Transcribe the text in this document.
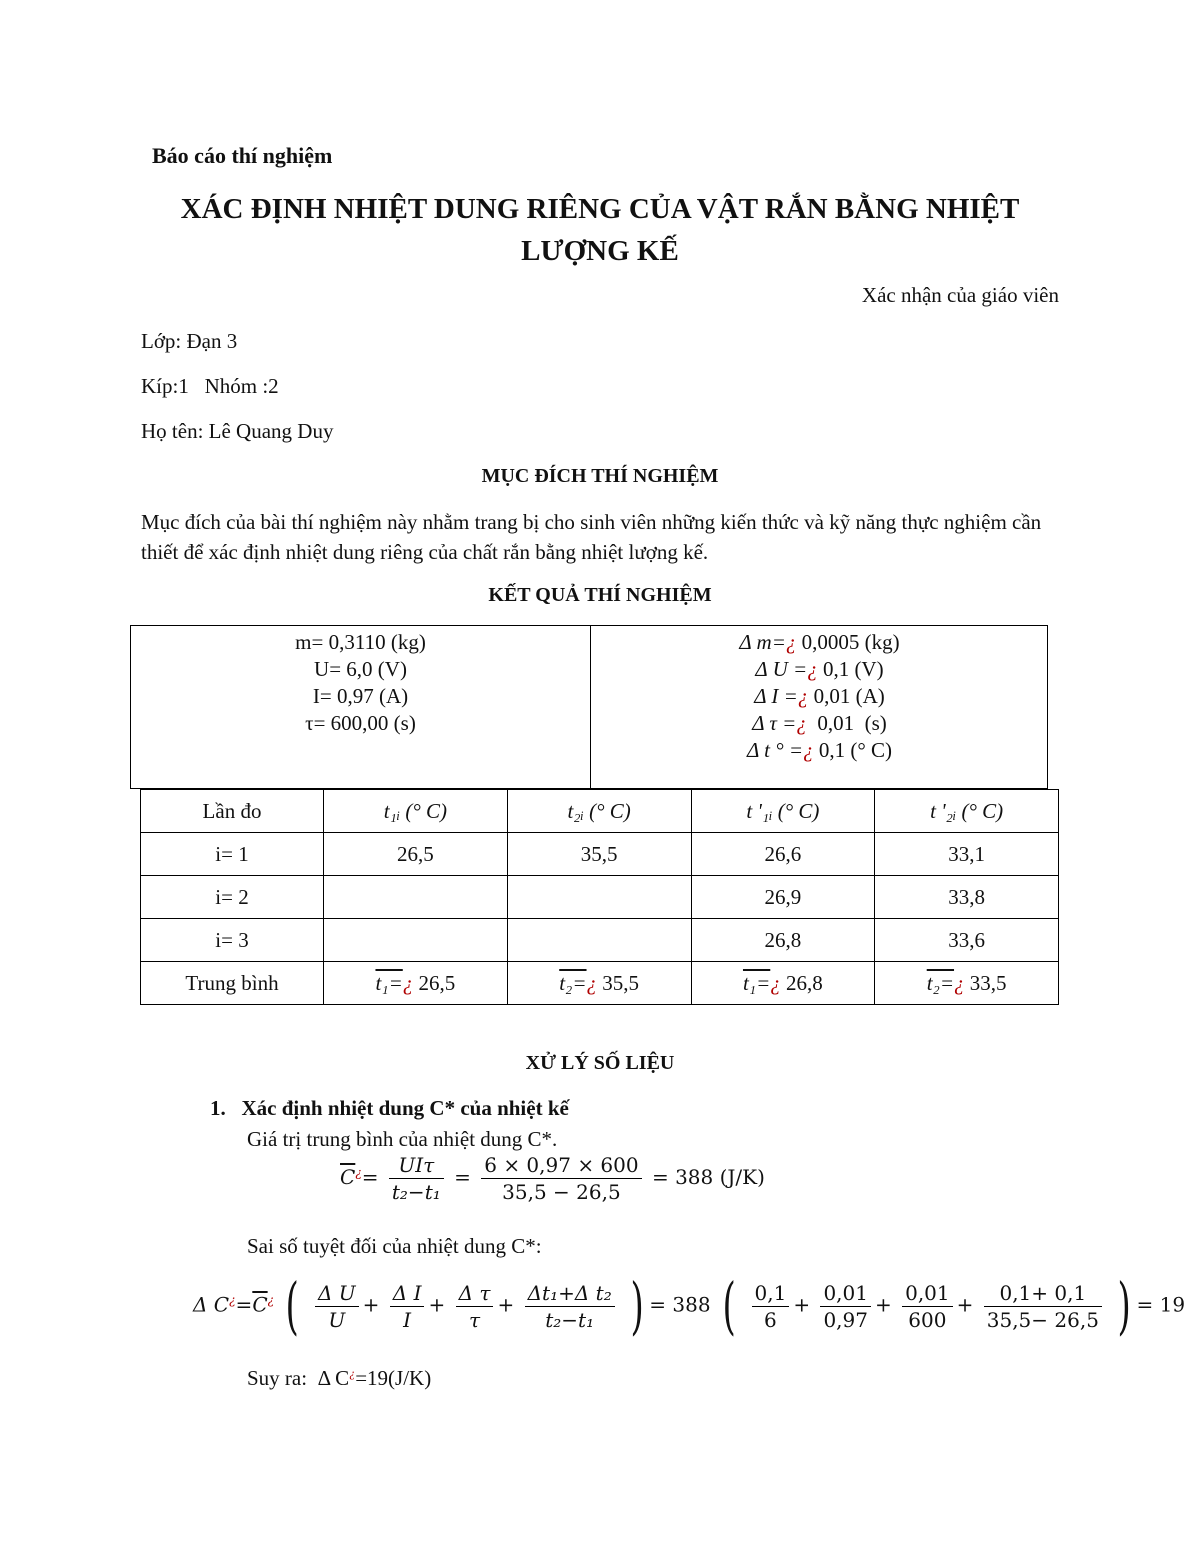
Báo cáo thí nghiệm
XÁC ĐỊNH NHIỆT DUNG RIÊNG CỦA VẬT RẮN BẰNG NHIỆT
LƯỢNG KẾ
Xác nhận của giáo viên
Lớp: Đạn 3
Kíp:1   Nhóm :2
Họ tên: Lê Quang Duy
MỤC ĐÍCH THÍ NGHIỆM
Mục đích của bài thí nghiệm này nhằm trang bị cho sinh viên những kiến thức và kỹ năng thực nghiệm cần thiết để xác định nhiệt dung riêng của chất rắn bằng nhiệt lượng kế.
KẾT QUẢ THÍ NGHIỆM
m= 0,3110 (kg)
U= 6,0 (V)
I= 0,97 (A)
τ= 600,00 (s)
Δ m=¿ 0,0005 (kg)
Δ U =¿ 0,1 (V)
Δ I =¿ 0,01 (A)
Δ τ =¿  0,01  (s)
Δ t ° =¿ 0,1 (° C)
Lần đo	t₁ᵢ (° C)	t₂ᵢ (° C)	t '₁ᵢ (° C)	t '₂ᵢ (° C)
i= 1	26,5	35,5	26,6	33,1
i= 2			26,9	33,8
i= 3			26,8	33,6
Trung bình	t₁=¿ 26,5	t₂=¿ 35,5	t₁=¿ 26,8	t₂=¿ 33,5
XỬ LÝ SỐ LIỆU
1. Xác định nhiệt dung C* của nhiệt kế
Giá trị trung bình của nhiệt dung C*.
$\overline{C}^¿= \frac{\text{UIτ}}{\text{t₂−t₁}} = \frac{6 \times 0,97 \times 600}{35,5 - 26,5} = 388$ (J/K)
Sai số tuyệt đối của nhiệt dung C*:
Δ $C^¿=\overline{C}^¿$ ( $\frac{\text{Δ U}}{U} + \frac{\text{Δ I}}{I} + \frac{\text{Δ τ}}{\tau} + \frac{\text{Δt₁+Δ t₂}}{\text{t₂−t₁}}$ ) = 388 ( $\frac{0,1}{6} + \frac{0,01}{0,97} + \frac{0,01}{600} + \frac{0,1+ 0,1}{35,5- 26,5}$ ) = 19
Suy ra:  Δ C¿=19(J/K)
